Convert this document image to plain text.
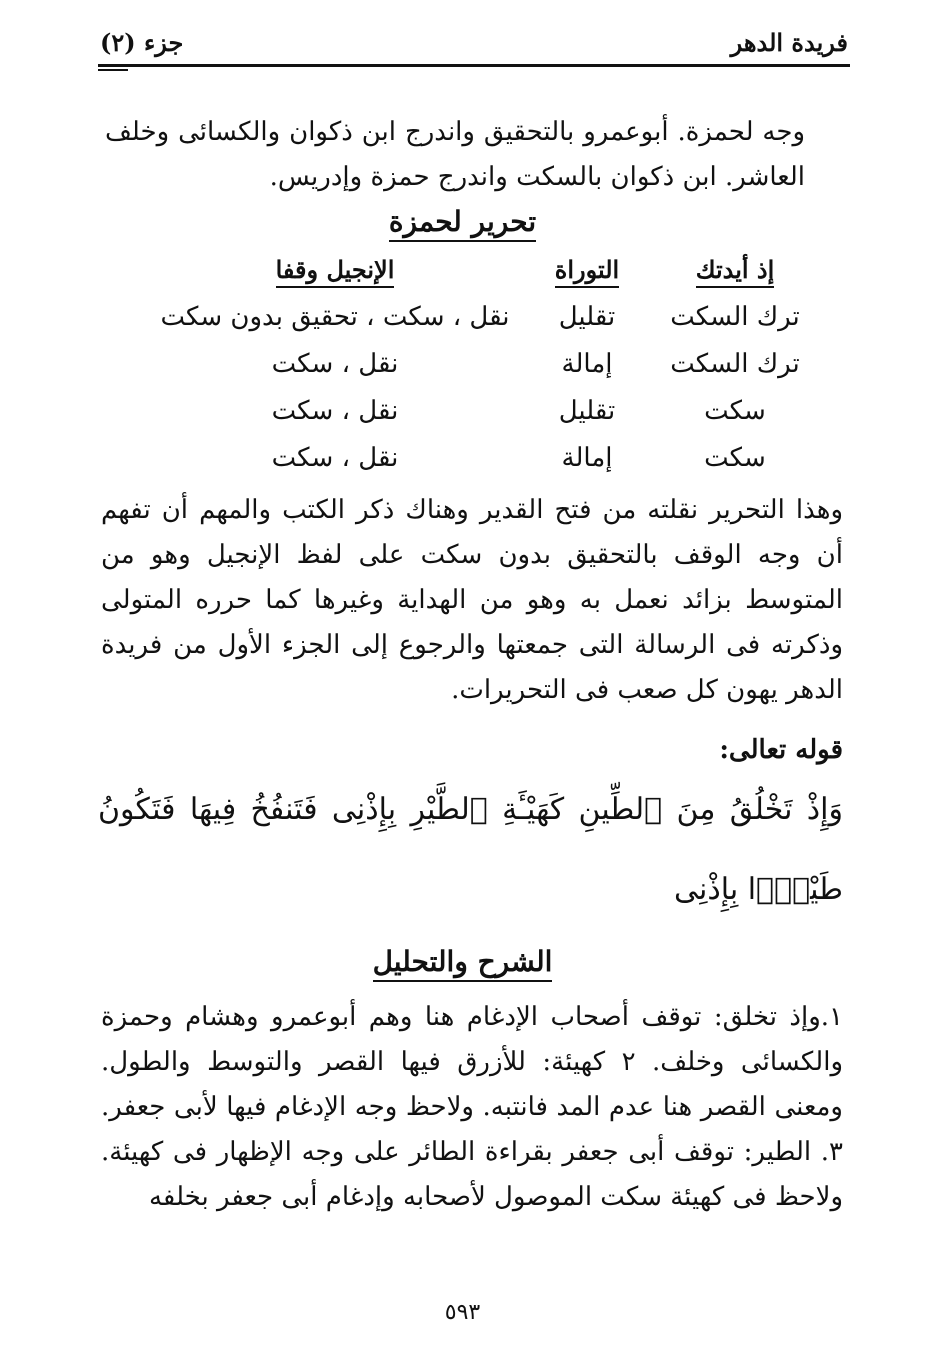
فريدة الدهر
جزء (٢)
وجه لحمزة. أبوعمرو بالتحقيق واندرج ابن ذكوان والكسائى وخلف العاشر. ابن ذكوان بالسكت واندرج حمزة وإدريس.
تحرير لحمزة
إذ أيدتك
التوراة
الإنجيل وقفا
ترك السكت
تقليل
نقل ، سكت ، تحقيق بدون سكت
ترك السكت
إمالة
نقل ، سكت
سكت
تقليل
نقل ، سكت
سكت
إمالة
نقل ، سكت
وهذا التحرير نقلته من فتح القدير وهناك ذكر الكتب والمهم أن تفهم أن وجه الوقف بالتحقيق بدون سكت على لفظ الإنجيل وهو من المتوسط بزائد نعمل به وهو من الهداية وغيرها كما حرره المتولى وذكرته فى الرسالة التى جمعتها والرجوع إلى الجزء الأول من فريدة الدهر يهون كل صعب فى التحريرات.
قوله تعالى:
وَإِذْ تَخْلُقُ مِنَ ٱلطِّينِ كَهَيْـَٔةِ ٱلطَّيْرِ بِإِذْنِى فَتَنفُخُ فِيهَا فَتَكُونُ طَيْرًۢا بِإِذْنِى
الشرح والتحليل
١.وإذ تخلق: توقف أصحاب الإدغام هنا وهم أبوعمرو وهشام وحمزة والكسائى وخلف. ٢ كهيئة: للأزرق فيها القصر والتوسط والطول. ومعنى القصر هنا عدم المد فانتبه. ولاحظ وجه الإدغام فيها لأبى جعفر. ٣. الطير: توقف أبى جعفر بقراءة الطائر على وجه الإظهار فى كهيئة. ولاحظ فى كهيئة سكت الموصول لأصحابه وإدغام أبى جعفر بخلفه
٥٩٣
